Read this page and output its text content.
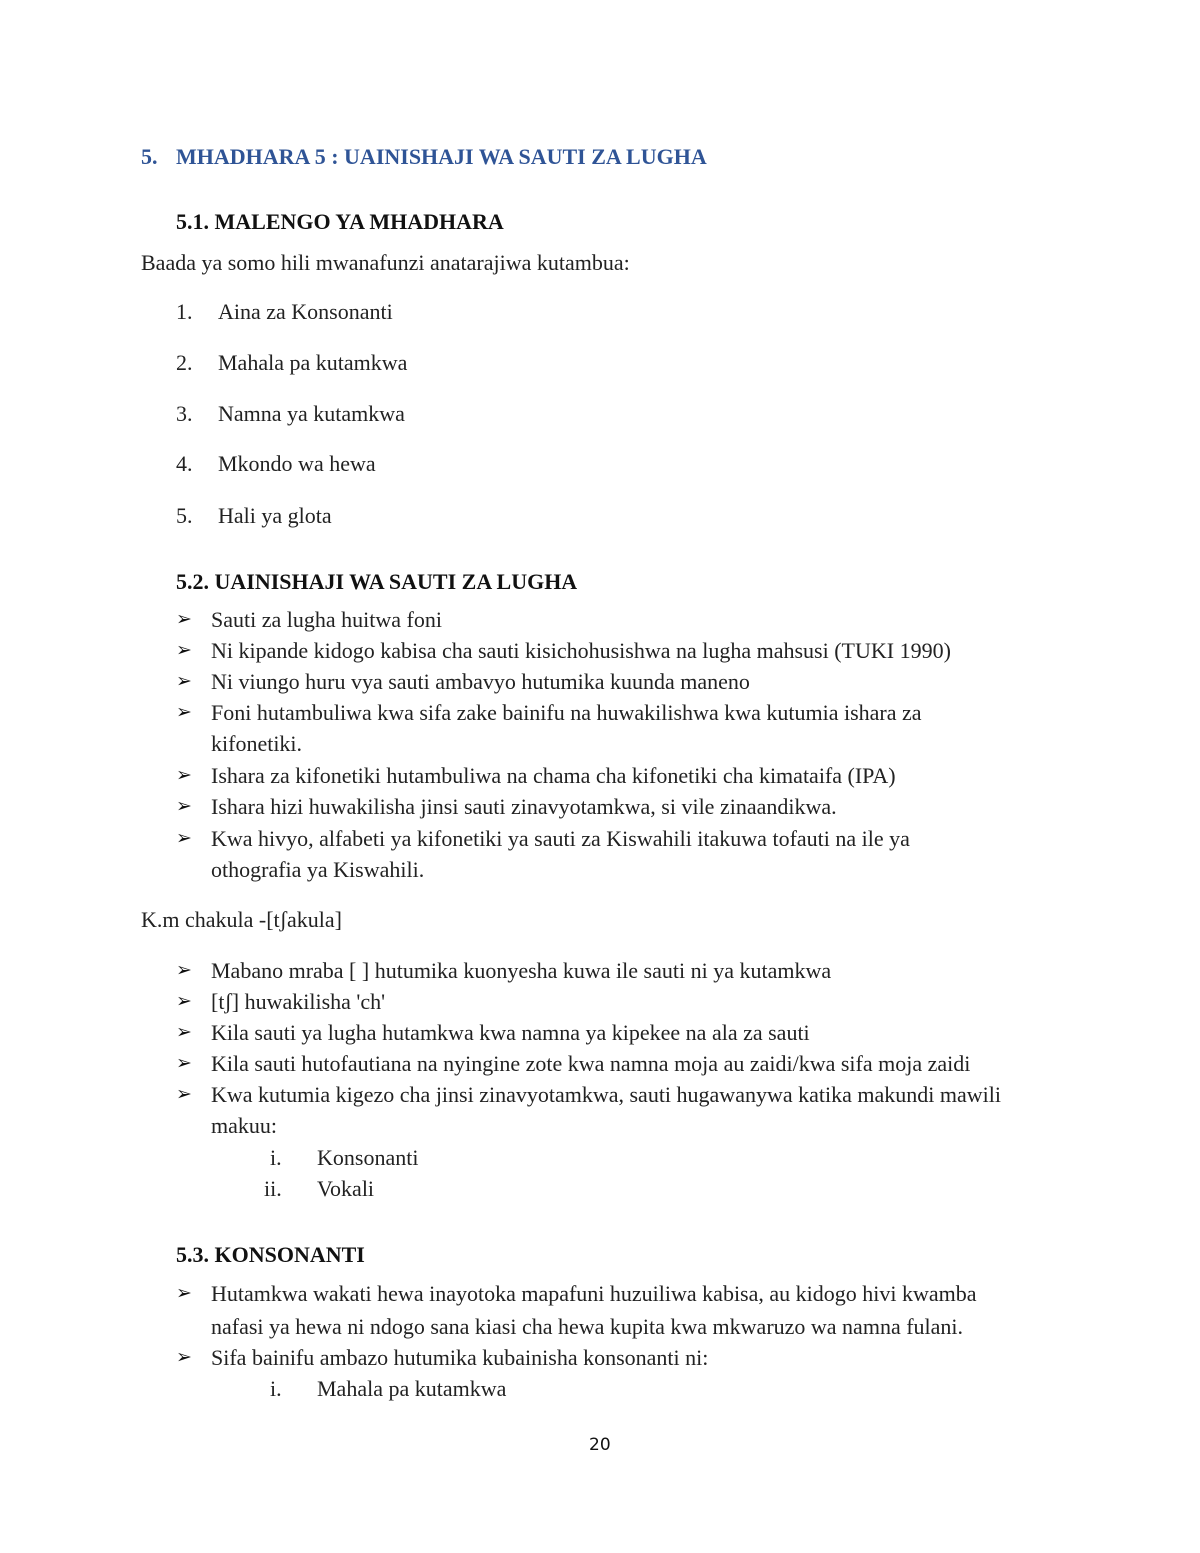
5. MHADHARA 5 : UAINISHAJI WA SAUTI ZA LUGHA
5.1. MALENGO YA MHADHARA
Baada ya somo hili mwanafunzi anatarajiwa kutambua:
1. Aina za Konsonanti
2. Mahala pa kutamkwa
3. Namna ya kutamkwa
4. Mkondo wa hewa
5. Hali ya glota
5.2. UAINISHAJI WA SAUTI ZA LUGHA
➢ Sauti za lugha huitwa foni
➢ Ni kipande kidogo kabisa cha sauti kisichohusishwa na lugha mahsusi (TUKI 1990)
➢ Ni viungo huru vya sauti ambavyo hutumika kuunda maneno
➢ Foni hutambuliwa kwa sifa zake bainifu na huwakilishwa kwa kutumia ishara za
kifonetiki.
➢ Ishara za kifonetiki hutambuliwa na chama cha kifonetiki cha kimataifa (IPA)
➢ Ishara hizi huwakilisha jinsi sauti zinavyotamkwa, si vile zinaandikwa.
➢ Kwa hivyo, alfabeti ya kifonetiki ya sauti za Kiswahili itakuwa tofauti na ile ya
othografia ya Kiswahili.
K.m chakula -[tʃakula]
➢ Mabano mraba [ ] hutumika kuonyesha kuwa ile sauti ni ya kutamkwa
➢ [tʃ] huwakilisha 'ch'
➢ Kila sauti ya lugha hutamkwa kwa namna ya kipekee na ala za sauti
➢ Kila sauti hutofautiana na nyingine zote kwa namna moja au zaidi/kwa sifa moja zaidi
➢ Kwa kutumia kigezo cha jinsi zinavyotamkwa, sauti hugawanywa katika makundi mawili
makuu:
i. Konsonanti
ii. Vokali
5.3. KONSONANTI
➢ Hutamkwa wakati hewa inayotoka mapafuni huzuiliwa kabisa, au kidogo hivi kwamba
nafasi ya hewa ni ndogo sana kiasi cha hewa kupita kwa mkwaruzo wa namna fulani.
➢ Sifa bainifu ambazo hutumika kubainisha konsonanti ni:
i. Mahala pa kutamkwa
20
